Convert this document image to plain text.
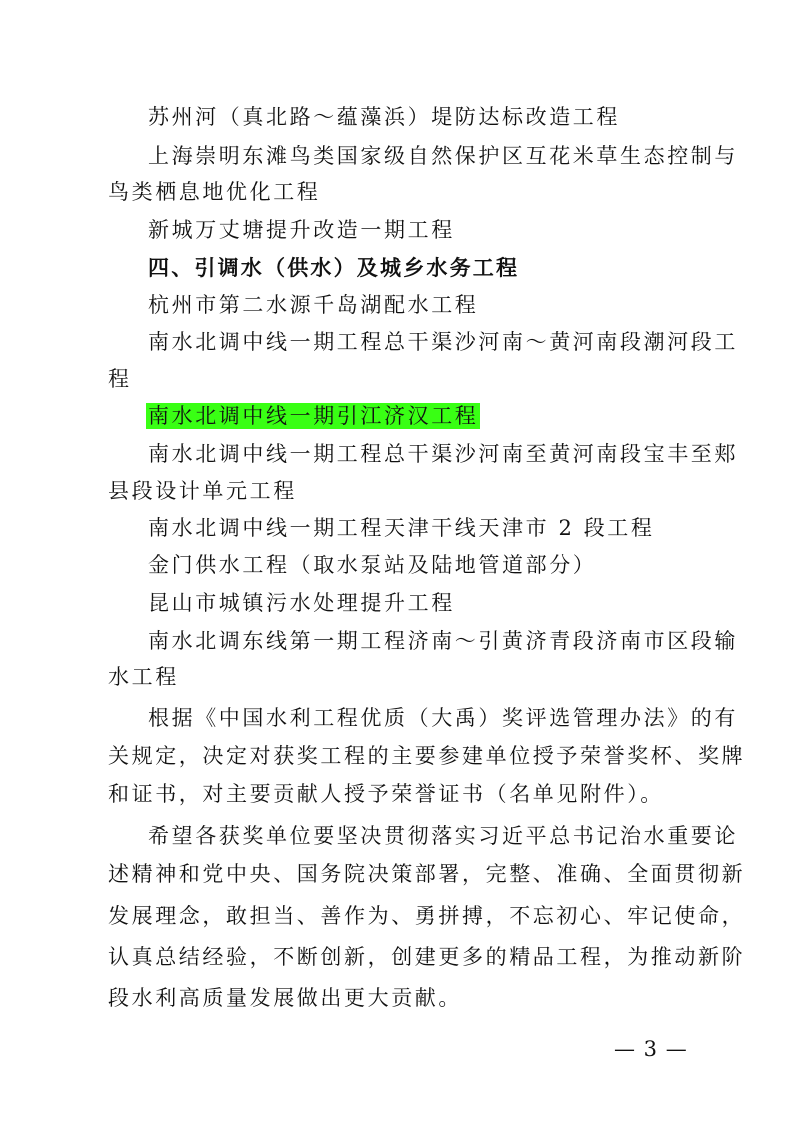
苏州河（真北路～蕴藻浜）堤防达标改造工程
上海崇明东滩鸟类国家级自然保护区互花米草生态控制与
鸟类栖息地优化工程
新城万丈塘提升改造一期工程
四、引调水（供水）及城乡水务工程
杭州市第二水源千岛湖配水工程
南水北调中线一期工程总干渠沙河南～黄河南段潮河段工
程
南水北调中线一期引江济汉工程
南水北调中线一期工程总干渠沙河南至黄河南段宝丰至郏
县段设计单元工程
南水北调中线一期工程天津干线天津市 2 段工程
金门供水工程（取水泵站及陆地管道部分）
昆山市城镇污水处理提升工程
南水北调东线第一期工程济南～引黄济青段济南市区段输
水工程
根据《中国水利工程优质（大禹）奖评选管理办法》的有
关规定，决定对获奖工程的主要参建单位授予荣誉奖杯、奖牌
和证书，对主要贡献人授予荣誉证书（名单见附件）。
希望各获奖单位要坚决贯彻落实习近平总书记治水重要论
述精神和党中央、国务院决策部署，完整、准确、全面贯彻新
发展理念，敢担当、善作为、勇拼搏，不忘初心、牢记使命，
认真总结经验，不断创新，创建更多的精品工程，为推动新阶
段水利高质量发展做出更大贡献。
— 3 —
